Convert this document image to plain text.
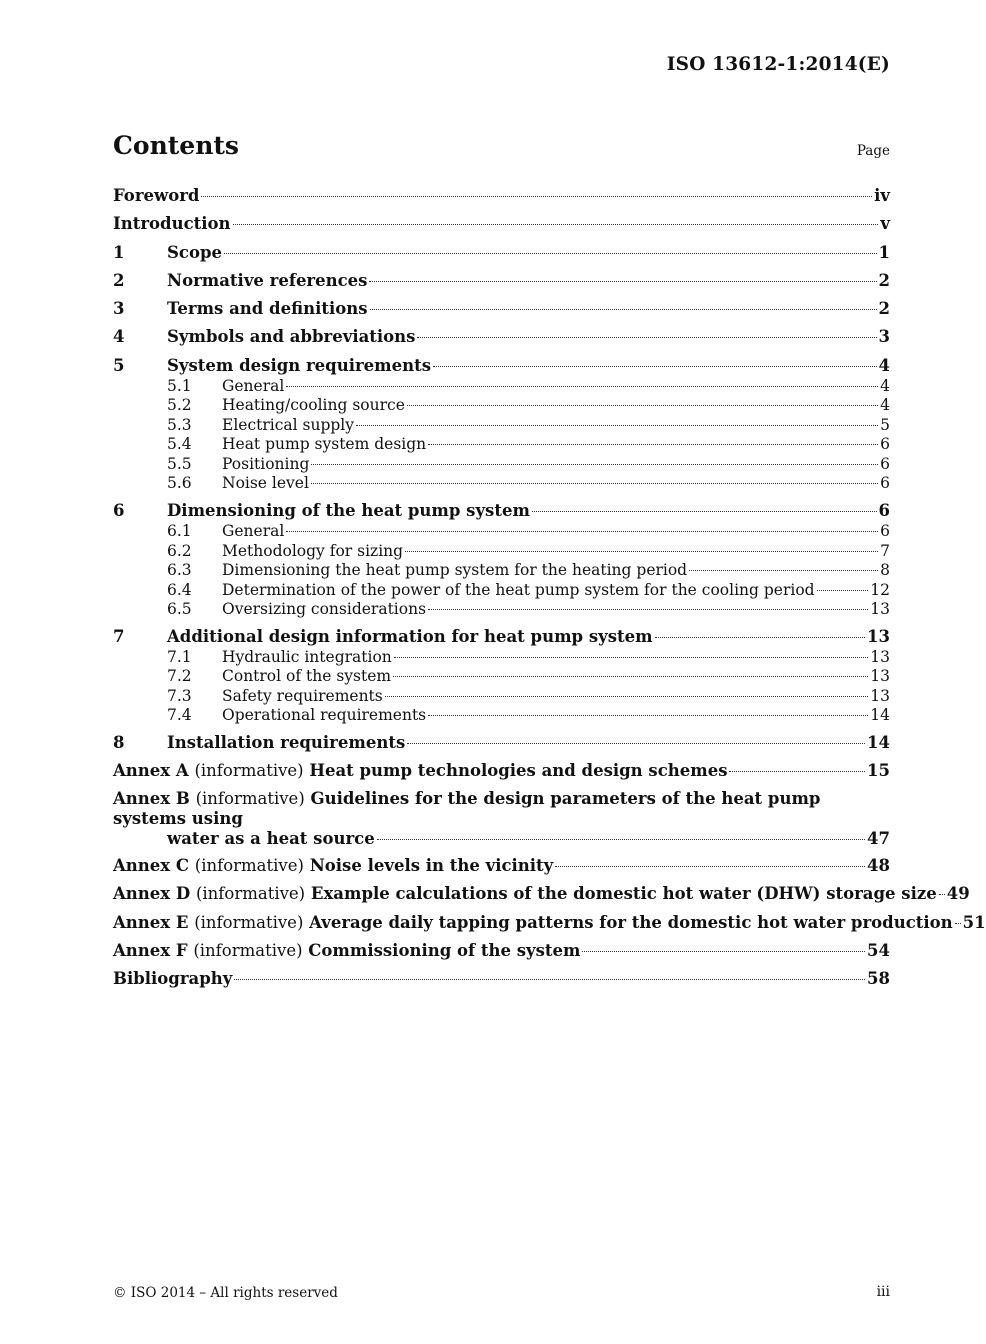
ISO 13612-1:2014(E)
Contents	Page
Foreword	iv
Introduction	v
1	Scope	1
2	Normative references	2
3	Terms and definitions	2
4	Symbols and abbreviations	3
5	System design requirements	4
5.1	General	4
5.2	Heating/cooling source	4
5.3	Electrical supply	5
5.4	Heat pump system design	6
5.5	Positioning	6
5.6	Noise level	6
6	Dimensioning of the heat pump system	6
6.1	General	6
6.2	Methodology for sizing	7
6.3	Dimensioning the heat pump system for the heating period	8
6.4	Determination of the power of the heat pump system for the cooling period	12
6.5	Oversizing considerations	13
7	Additional design information for heat pump system	13
7.1	Hydraulic integration	13
7.2	Control of the system	13
7.3	Safety requirements	13
7.4	Operational requirements	14
8	Installation requirements	14
Annex A (informative) Heat pump technologies and design schemes	15
Annex B (informative) Guidelines for the design parameters of the heat pump systems using
water as a heat source	47
Annex C (informative) Noise levels in the vicinity	48
Annex D (informative) Example calculations of the domestic hot water (DHW) storage size 49
Annex E (informative) Average daily tapping patterns for the domestic hot water production 51
Annex F (informative) Commissioning of the system	54
Bibliography	58
© ISO 2014 – All rights reserved	iii
